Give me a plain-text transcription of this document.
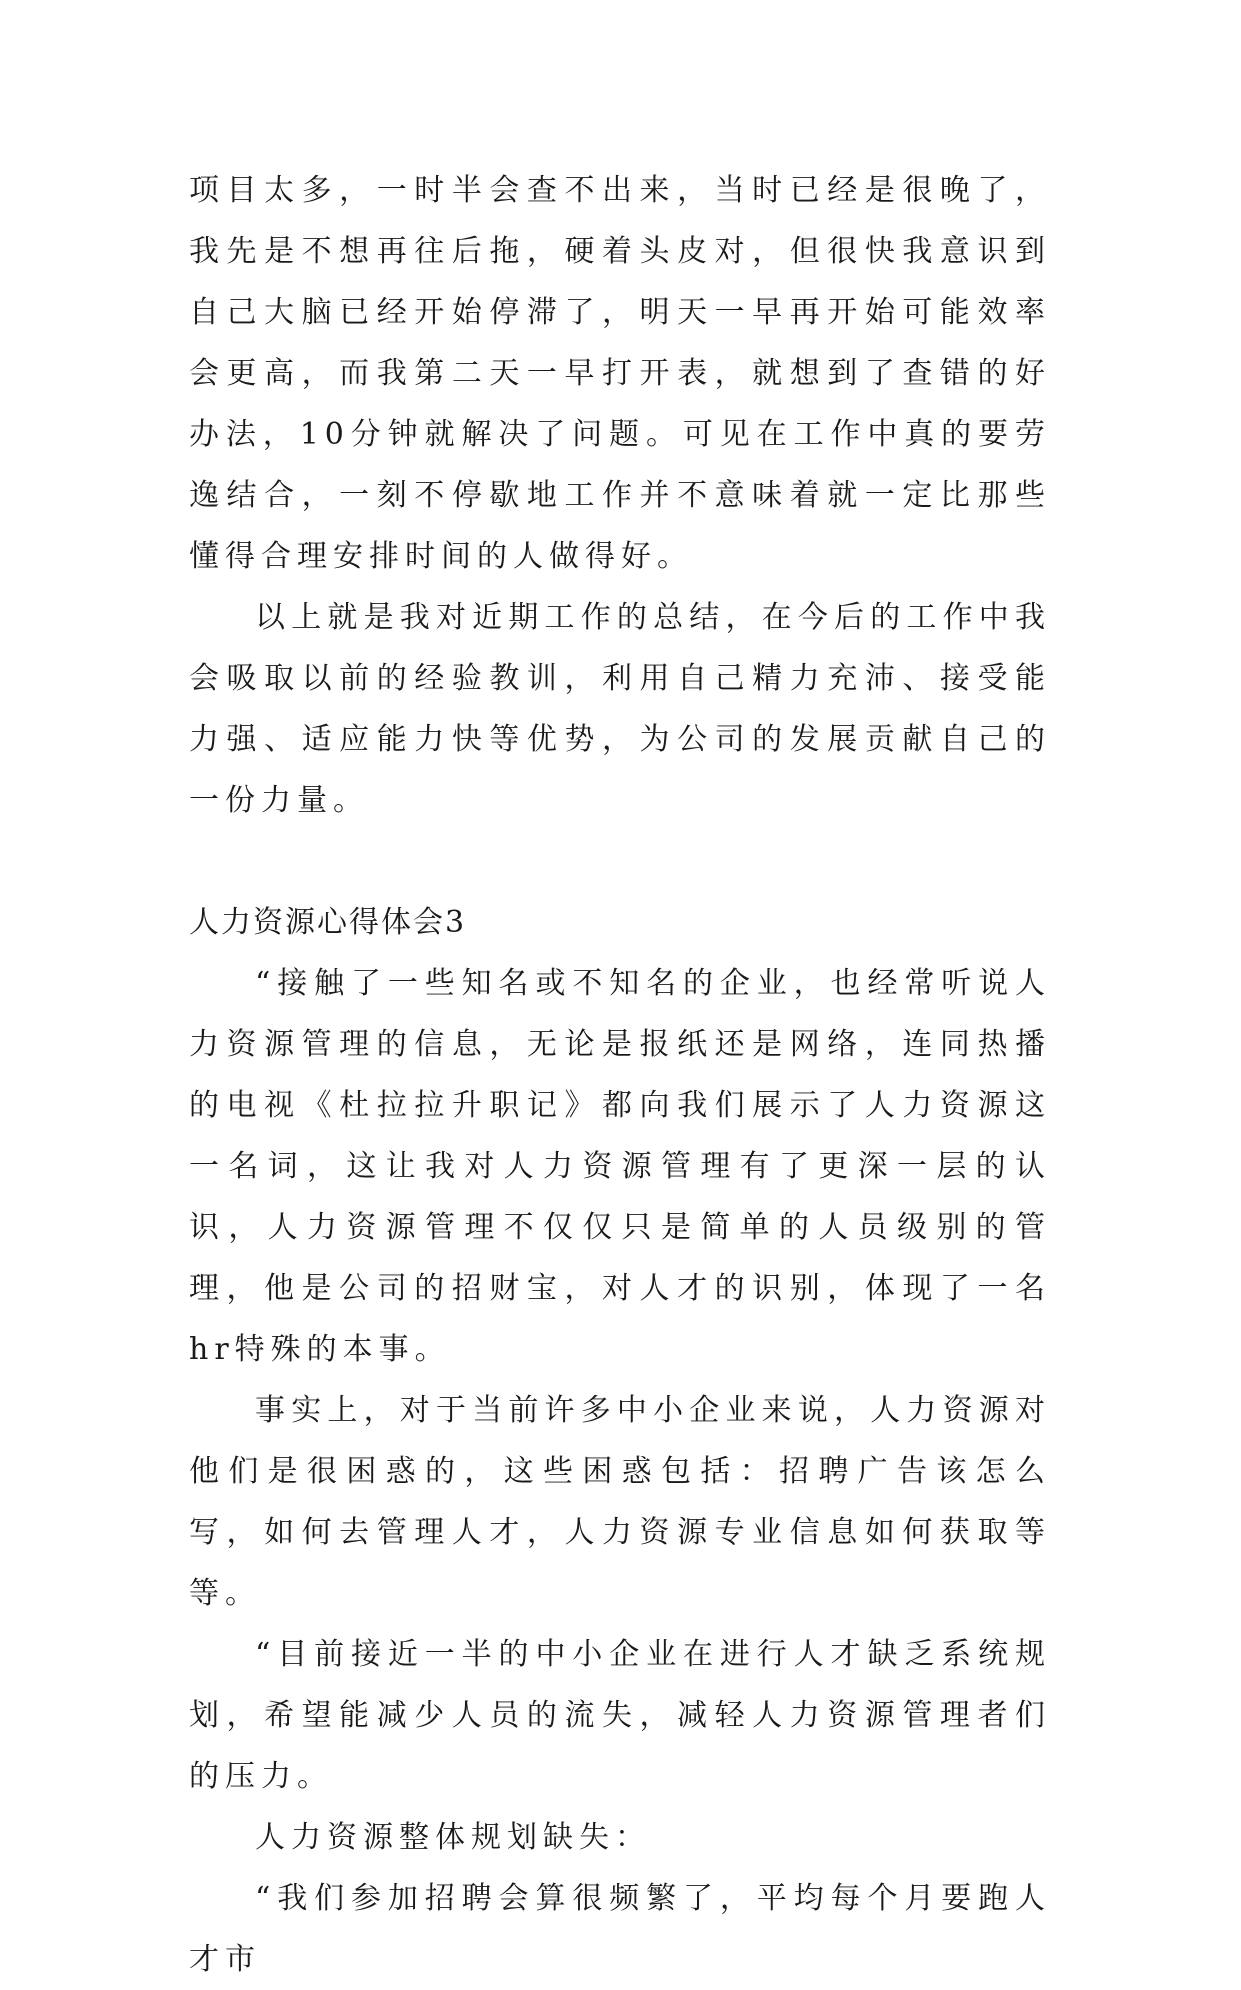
项目太多，一时半会查不出来，当时已经是很晚了，我先是不想再往后拖，硬着头皮对，但很快我意识到自己大脑已经开始停滞了，明天一早再开始可能效率会更高，而我第二天一早打开表，就想到了查错的好办法，10分钟就解决了问题。可见在工作中真的要劳逸结合，一刻不停歇地工作并不意味着就一定比那些懂得合理安排时间的人做得好。

以上就是我对近期工作的总结，在今后的工作中我会吸取以前的经验教训，利用自己精力充沛、接受能力强、适应能力快等优势，为公司的发展贡献自己的一份力量。

人力资源心得体会3

“接触了一些知名或不知名的企业，也经常听说人力资源管理的信息，无论是报纸还是网络，连同热播的电视《杜拉拉升职记》都向我们展示了人力资源这一名词，这让我对人力资源管理有了更深一层的认识，人力资源管理不仅仅只是简单的人员级别的管理，他是公司的招财宝，对人才的识别，体现了一名hr特殊的本事。

事实上，对于当前许多中小企业来说，人力资源对他们是很困惑的，这些困惑包括：招聘广告该怎么写，如何去管理人才，人力资源专业信息如何获取等等。

“目前接近一半的中小企业在进行人才缺乏系统规划，希望能减少人员的流失，减轻人力资源管理者们的压力。

人力资源整体规划缺失：

“我们参加招聘会算很频繁了，平均每个月要跑人才市
